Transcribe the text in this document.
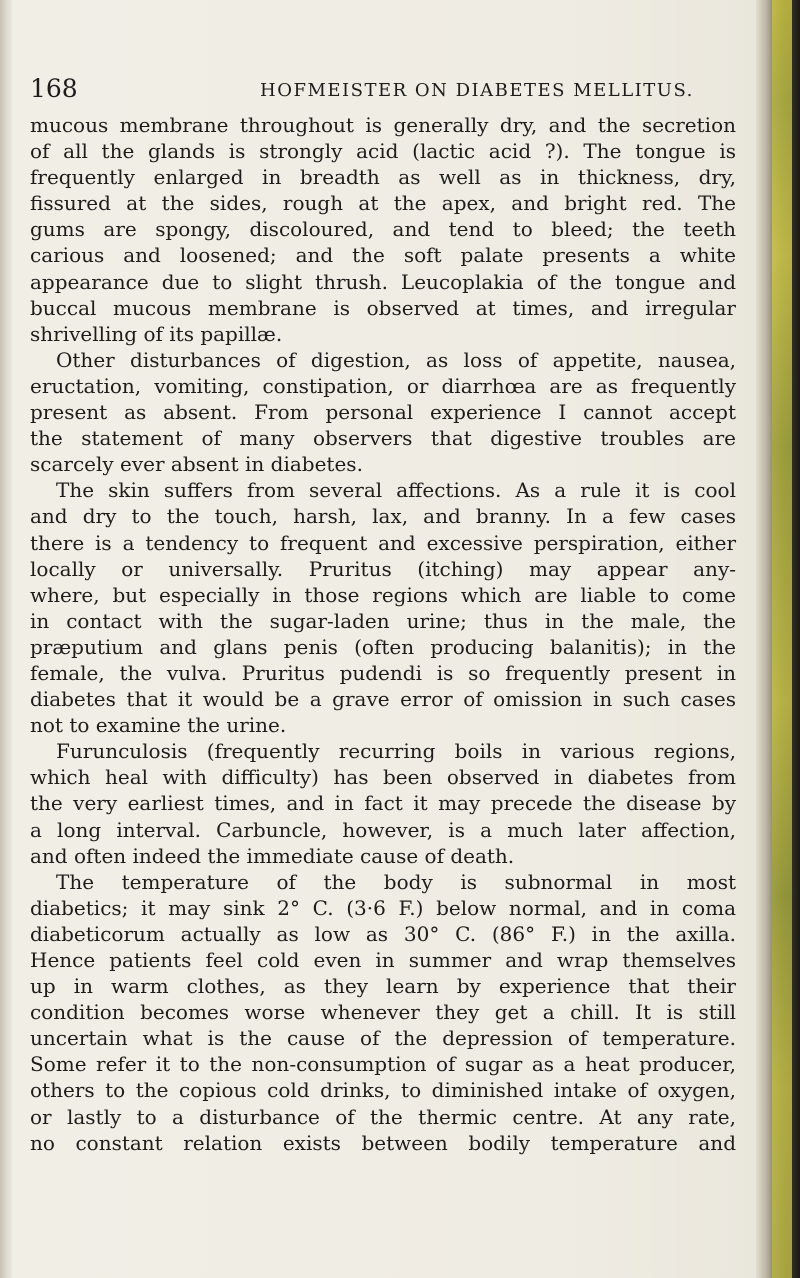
168	HOFMEISTER ON DIABETES MELLITUS.
mucous membrane throughout is generally dry, and the secretion
of all the glands is strongly acid (lactic acid ?). The tongue is
frequently enlarged in breadth as well as in thickness, dry,
fissured at the sides, rough at the apex, and bright red. The
gums are spongy, discoloured, and tend to bleed; the teeth
carious and loosened; and the soft palate presents a white
appearance due to slight thrush. Leucoplakia of the tongue and
buccal mucous membrane is observed at times, and irregular
shrivelling of its papillæ.
Other disturbances of digestion, as loss of appetite, nausea,
eructation, vomiting, constipation, or diarrhœa are as frequently
present as absent. From personal experience I cannot accept
the statement of many observers that digestive troubles are
scarcely ever absent in diabetes.
The skin suffers from several affections. As a rule it is cool
and dry to the touch, harsh, lax, and branny. In a few cases
there is a tendency to frequent and excessive perspiration, either
locally or universally. Pruritus (itching) may appear any-
where, but especially in those regions which are liable to come
in contact with the sugar-laden urine; thus in the male, the
præputium and glans penis (often producing balanitis); in the
female, the vulva. Pruritus pudendi is so frequently present in
diabetes that it would be a grave error of omission in such cases
not to examine the urine.
Furunculosis (frequently recurring boils in various regions,
which heal with difficulty) has been observed in diabetes from
the very earliest times, and in fact it may precede the disease by
a long interval. Carbuncle, however, is a much later affection,
and often indeed the immediate cause of death.
The temperature of the body is subnormal in most
diabetics; it may sink 2° C. (3·6 F.) below normal, and in coma
diabeticorum actually as low as 30° C. (86° F.) in the axilla.
Hence patients feel cold even in summer and wrap themselves
up in warm clothes, as they learn by experience that their
condition becomes worse whenever they get a chill. It is still
uncertain what is the cause of the depression of temperature.
Some refer it to the non-consumption of sugar as a heat producer,
others to the copious cold drinks, to diminished intake of oxygen,
or lastly to a disturbance of the thermic centre. At any rate,
no constant relation exists between bodily temperature and
